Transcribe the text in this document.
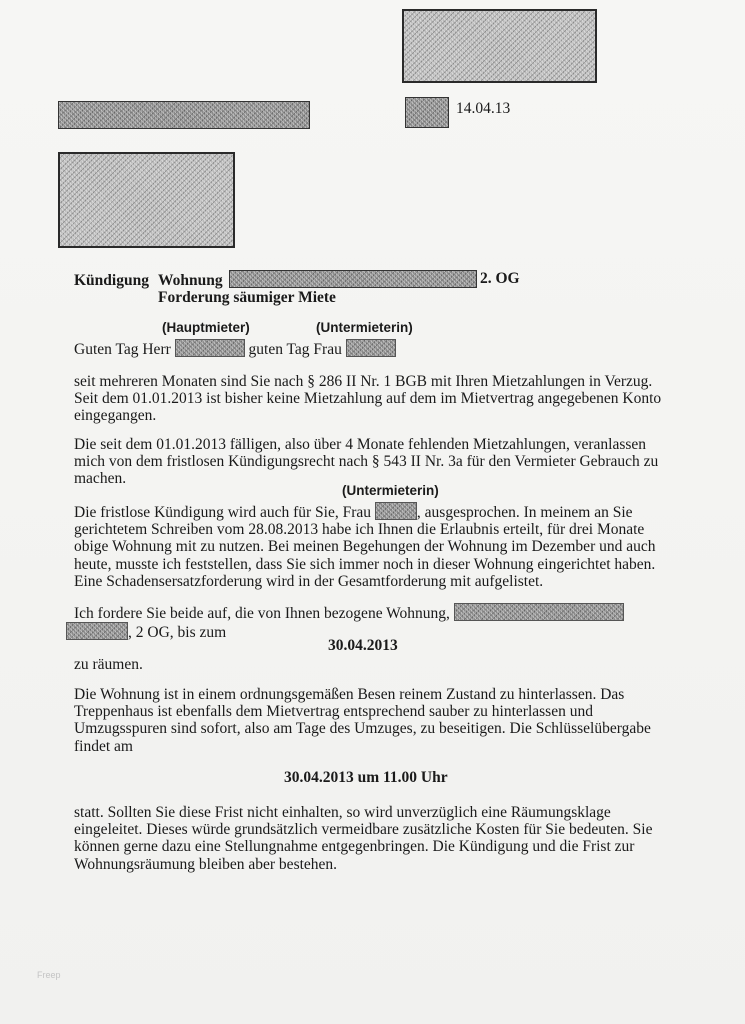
14.04.13
Kündigung Wohnung	2. OG
Forderung säumiger Miete
(Hauptmieter)	(Untermieterin)
Guten Tag Herr	guten Tag Frau
seit mehreren Monaten sind Sie nach § 286 II Nr. 1 BGB mit Ihren Mietzahlungen in Verzug.
Seit dem 01.01.2013 ist bisher keine Mietzahlung auf dem im Mietvertrag angegebenen Konto
eingegangen.
Die seit dem 01.01.2013 fälligen, also über 4 Monate fehlenden Mietzahlungen, veranlassen
mich von dem fristlosen Kündigungsrecht nach § 543 II Nr. 3a für den Vermieter Gebrauch zu
machen.
(Untermieterin)
Die fristlose Kündigung wird auch für Sie, Frau	, ausgesprochen. In meinem an Sie
gerichtetem Schreiben vom 28.08.2013 habe ich Ihnen die Erlaubnis erteilt, für drei Monate
obige Wohnung mit zu nutzen. Bei meinen Begehungen der Wohnung im Dezember und auch
heute, musste ich feststellen, dass Sie sich immer noch in dieser Wohnung eingerichtet haben.
Eine Schadensersatzforderung wird in der Gesamtforderung mit aufgelistet.
Ich fordere Sie beide auf, die von Ihnen bezogene Wohnung,
, 2 OG, bis zum
30.04.2013
zu räumen.
Die Wohnung ist in einem ordnungsgemäßen Besen reinem Zustand zu hinterlassen. Das
Treppenhaus ist ebenfalls dem Mietvertrag entsprechend sauber zu hinterlassen und
Umzugsspuren sind sofort, also am Tage des Umzuges, zu beseitigen. Die Schlüsselübergabe
findet am
30.04.2013 um 11.00 Uhr
statt. Sollten Sie diese Frist nicht einhalten, so wird unverzüglich eine Räumungsklage
eingeleitet. Dieses würde grundsätzlich vermeidbare zusätzliche Kosten für Sie bedeuten. Sie
können gerne dazu eine Stellungnahme entgegenbringen. Die Kündigung und die Frist zur
Wohnungsräumung bleiben aber bestehen.
Freep
